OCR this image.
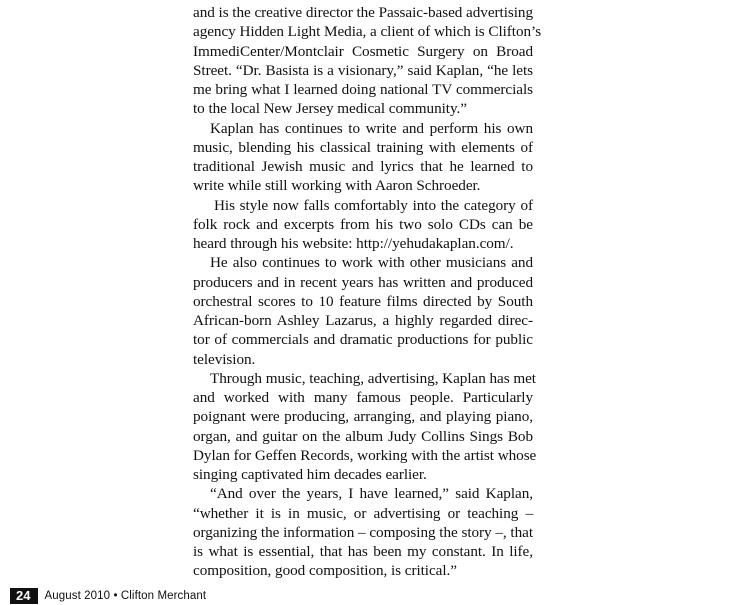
and is the creative director the Passaic-based advertising
agency Hidden Light Media, a client of which is Clifton’s
ImmediCenter/Montclair Cosmetic Surgery on Broad
Street. “Dr. Basista is a visionary,” said Kaplan, “he lets
me bring what I learned doing national TV commercials
to the local New Jersey medical community.”

Kaplan has continues to write and perform his own
music, blending his classical training with elements of
traditional Jewish music and lyrics that he learned to
write while still working with Aaron Schroeder.

His style now falls comfortably into the category of
folk rock and excerpts from his two solo CDs can be
heard through his website: http://yehudakaplan.com/.

He also continues to work with other musicians and
producers and in recent years has written and produced
orchestral scores to 10 feature films directed by South
African-born Ashley Lazarus, a highly regarded direc-
tor of commercials and dramatic productions for public
television.

Through music, teaching, advertising, Kaplan has met
and worked with many famous people. Particularly
poignant were producing, arranging, and playing piano,
organ, and guitar on the album Judy Collins Sings Bob
Dylan for Geffen Records, working with the artist whose
singing captivated him decades earlier.

“And over the years, I have learned,” said Kaplan,
“whether it is in music, or advertising or teaching –
organizing the information – composing the story –, that
is what is essential, that has been my constant. In life,
composition, good composition, is critical.”

24	August 2010 • Clifton Merchant
